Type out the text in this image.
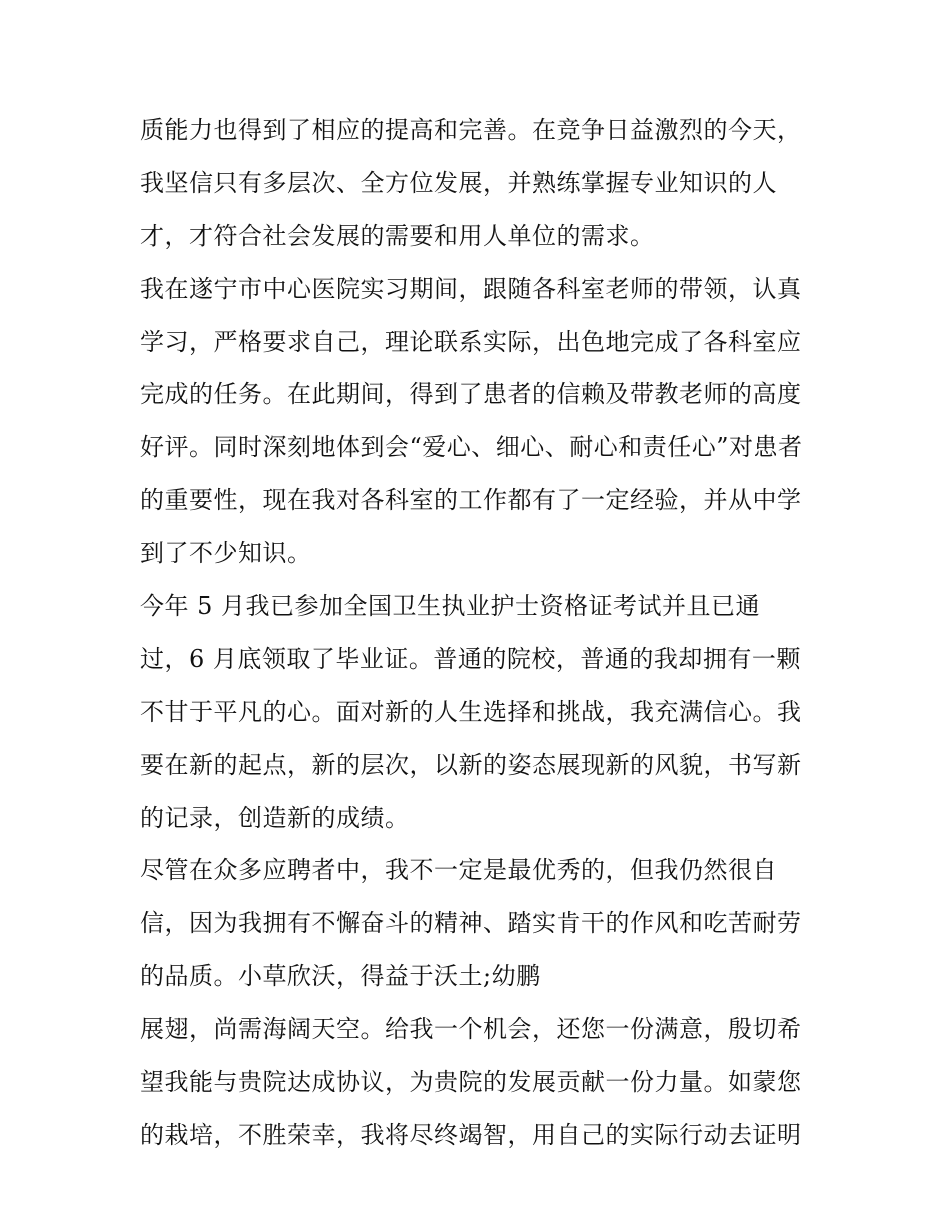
质能力也得到了相应的提高和完善。在竞争日益激烈的今天，
我坚信只有多层次、全方位发展，并熟练掌握专业知识的人
才，才符合社会发展的需要和用人单位的需求。
我在遂宁市中心医院实习期间，跟随各科室老师的带领，认真
学习，严格要求自己，理论联系实际，出色地完成了各科室应
完成的任务。在此期间，得到了患者的信赖及带教老师的高度
好评。同时深刻地体到会“爱心、细心、耐心和责任心”对患者
的重要性，现在我对各科室的工作都有了一定经验，并从中学
到了不少知识。
今年 5 月我已参加全国卫生执业护士资格证考试并且已通
过，6 月底领取了毕业证。普通的院校，普通的我却拥有一颗
不甘于平凡的心。面对新的人生选择和挑战，我充满信心。我
要在新的起点，新的层次，以新的姿态展现新的风貌，书写新
的记录，创造新的成绩。
尽管在众多应聘者中，我不一定是最优秀的，但我仍然很自
信，因为我拥有不懈奋斗的精神、踏实肯干的作风和吃苦耐劳
的品质。小草欣沃，得益于沃土;幼鹏
展翅，尚需海阔天空。给我一个机会，还您一份满意，殷切希
望我能与贵院达成协议，为贵院的发展贡献一份力量。如蒙您
的栽培，不胜荣幸，我将尽终竭智，用自己的实际行动去证明
